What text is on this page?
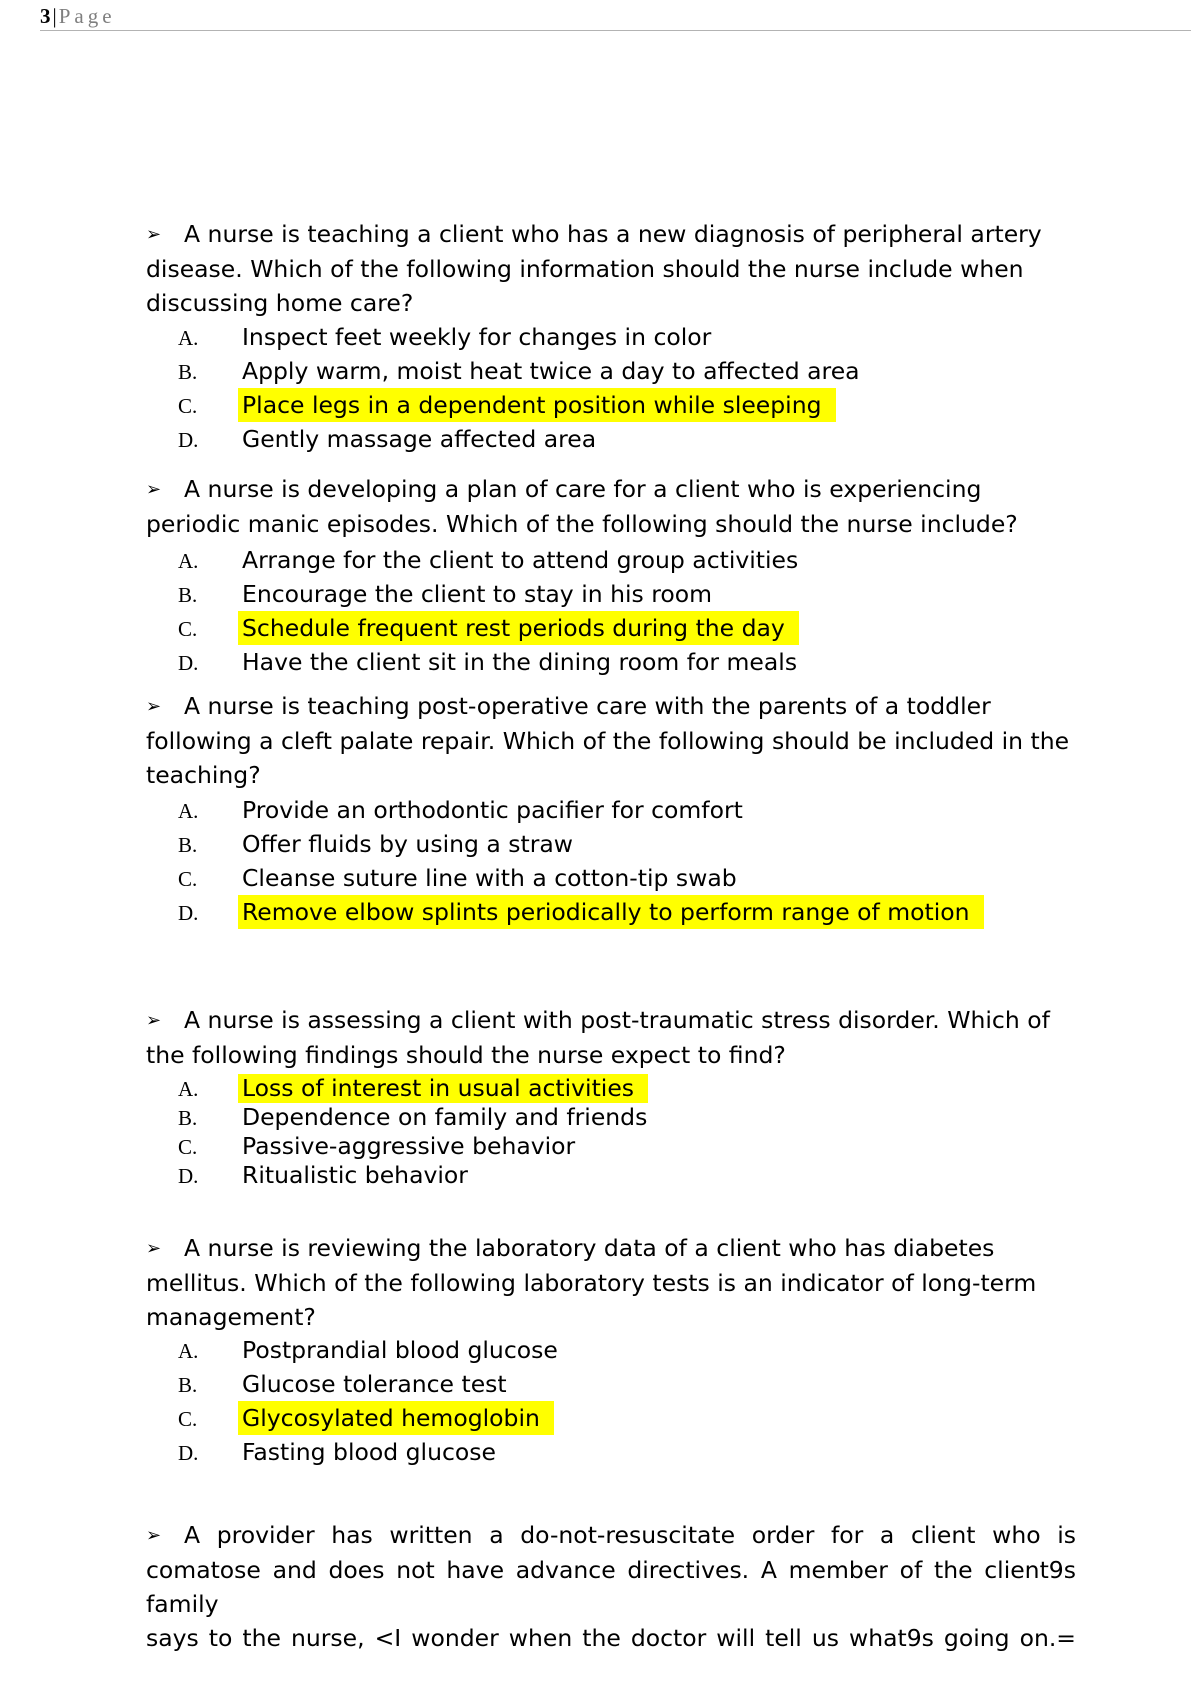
3|Page
➢ A nurse is teaching a client who has a new diagnosis of peripheral artery disease. Which of the following information should the nurse include when discussing home care?
A. Inspect feet weekly for changes in color
B. Apply warm, moist heat twice a day to affected area
C. Place legs in a dependent position while sleeping
D. Gently massage affected area
➢ A nurse is developing a plan of care for a client who is experiencing periodic manic episodes. Which of the following should the nurse include?
A. Arrange for the client to attend group activities
B. Encourage the client to stay in his room
C. Schedule frequent rest periods during the day
D. Have the client sit in the dining room for meals
➢ A nurse is teaching post-operative care with the parents of a toddler following a cleft palate repair. Which of the following should be included in the teaching?
A. Provide an orthodontic pacifier for comfort
B. Offer fluids by using a straw
C. Cleanse suture line with a cotton-tip swab
D. Remove elbow splints periodically to perform range of motion
➢ A nurse is assessing a client with post-traumatic stress disorder. Which of the following findings should the nurse expect to find?
A. Loss of interest in usual activities
B. Dependence on family and friends
C. Passive-aggressive behavior
D. Ritualistic behavior
➢ A nurse is reviewing the laboratory data of a client who has diabetes mellitus. Which of the following laboratory tests is an indicator of long-term management?
A. Postprandial blood glucose
B. Glucose tolerance test
C. Glycosylated hemoglobin
D. Fasting blood glucose
➢ A provider has written a do-not-resuscitate order for a client who is comatose and does not have advance directives. A member of the client9s family
says to the nurse, <I wonder when the doctor will tell us what9s going on.=
